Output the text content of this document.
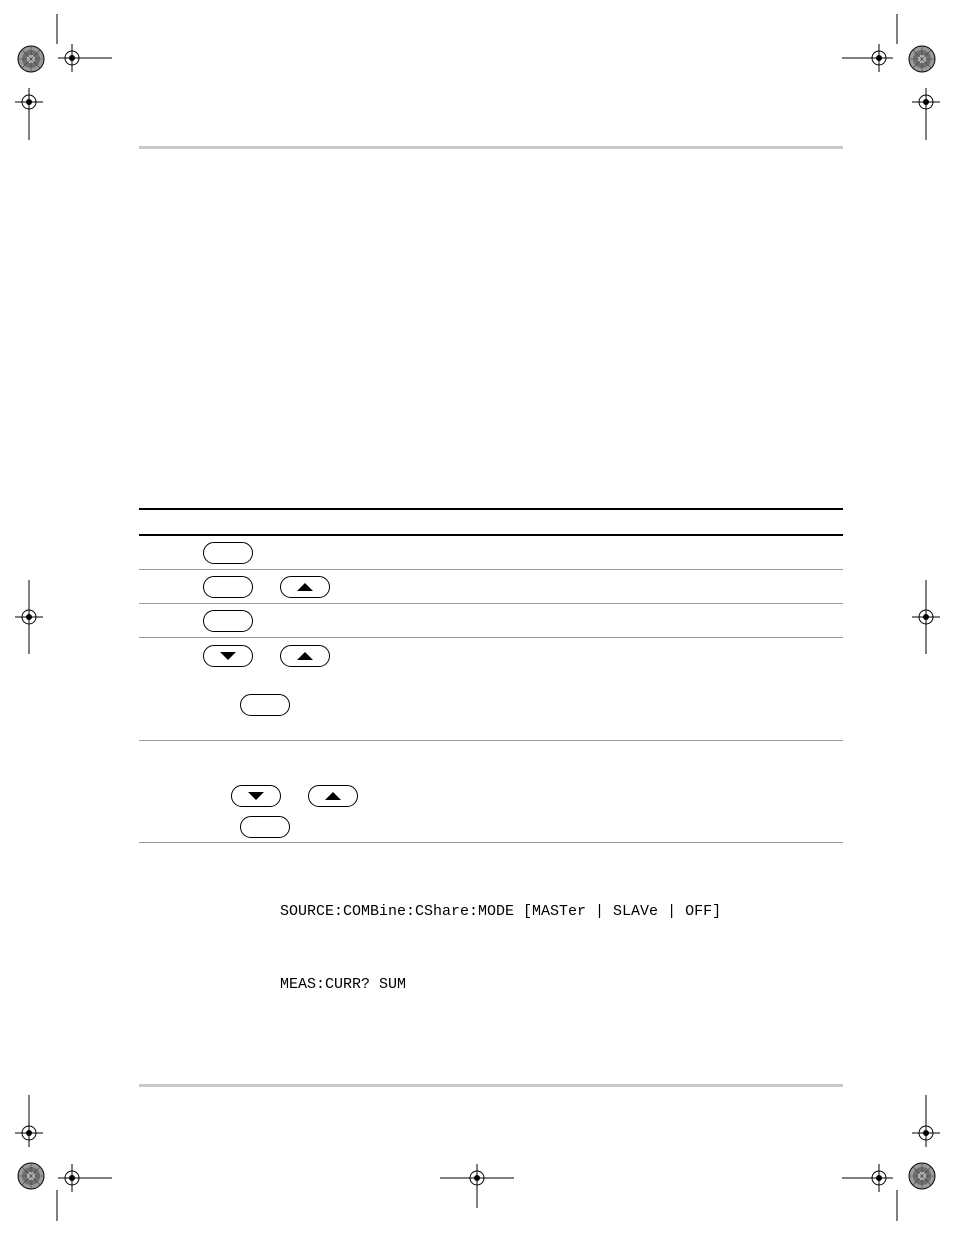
SOURCE:COMBine:CShare:MODE [MASTer | SLAVe | OFF]
MEAS:CURR? SUM
